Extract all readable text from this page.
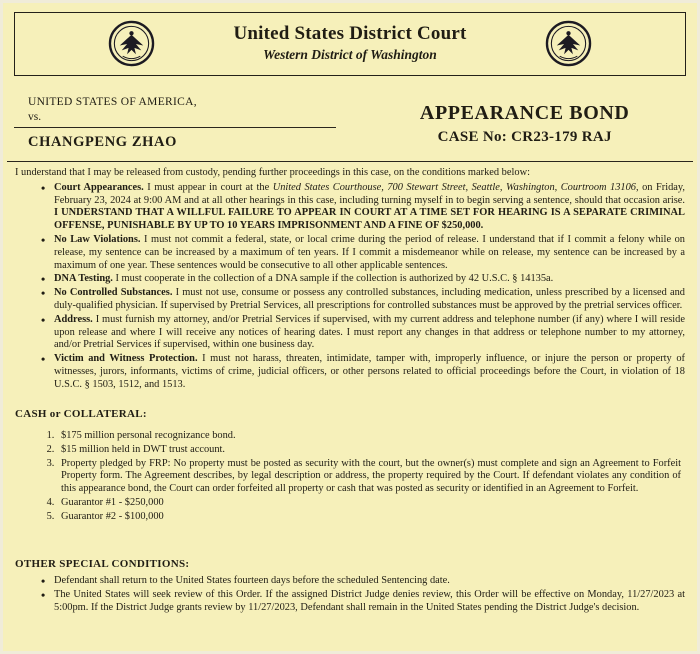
United States District Court
Western District of Washington
UNITED STATES OF AMERICA,
vs.
CHANGPENG ZHAO
APPEARANCE BOND
CASE No: CR23-179 RAJ
I understand that I may be released from custody, pending further proceedings in this case, on the conditions marked below:
• Court Appearances. I must appear in court at the United States Courthouse, 700 Stewart Street, Seattle, Washington, Courtroom 13106, on Friday, February 23, 2024 at 9:00 AM and at all other hearings in this case, including turning myself in to begin serving a sentence, should that occasion arise. I UNDERSTAND THAT A WILLFUL FAILURE TO APPEAR IN COURT AT A TIME SET FOR HEARING IS A SEPARATE CRIMINAL OFFENSE, PUNISHABLE BY UP TO 10 YEARS IMPRISONMENT AND A FINE OF $250,000.
• No Law Violations. I must not commit a federal, state, or local crime during the period of release. I understand that if I commit a felony while on release, my sentence can be increased by a maximum of ten years. If I commit a misdemeanor while on release, my sentence can be increased by a maximum of one year. These sentences would be consecutive to all other applicable sentences.
• DNA Testing. I must cooperate in the collection of a DNA sample if the collection is authorized by 42 U.S.C. § 14135a.
• No Controlled Substances. I must not use, consume or possess any controlled substances, including medication, unless prescribed by a licensed and duly-qualified physician. If supervised by Pretrial Services, all prescriptions for controlled substances must be approved by the pretrial services officer.
• Address. I must furnish my attorney, and/or Pretrial Services if supervised, with my current address and telephone number (if any) where I will reside upon release and where I will receive any notices of hearing dates. I must report any changes in that address or telephone number to my attorney, and/or Pretrial Services if supervised, within one business day.
• Victim and Witness Protection. I must not harass, threaten, intimidate, tamper with, improperly influence, or injure the person or property of witnesses, jurors, informants, victims of crime, judicial officers, or other persons related to official proceedings before the Court, in violation of 18 U.S.C. § 1503, 1512, and 1513.
CASH or COLLATERAL:
1. $175 million personal recognizance bond.
2. $15 million held in DWT trust account.
3. Property pledged by FRP: No property must be posted as security with the court, but the owner(s) must complete and sign an Agreement to Forfeit Property form. The Agreement describes, by legal description or address, the property required by the Court. If defendant violates any condition of this appearance bond, the Court can order forfeited all property or cash that was posted as security or identified in an Agreement to Forfeit.
4. Guarantor #1 - $250,000
5. Guarantor #2 - $100,000
OTHER SPECIAL CONDITIONS:
• Defendant shall return to the United States fourteen days before the scheduled Sentencing date.
• The United States will seek review of this Order. If the assigned District Judge denies review, this Order will be effective on Monday, 11/27/2023 at 5:00pm. If the District Judge grants review by 11/27/2023, Defendant shall remain in the United States pending the District Judge's decision.
